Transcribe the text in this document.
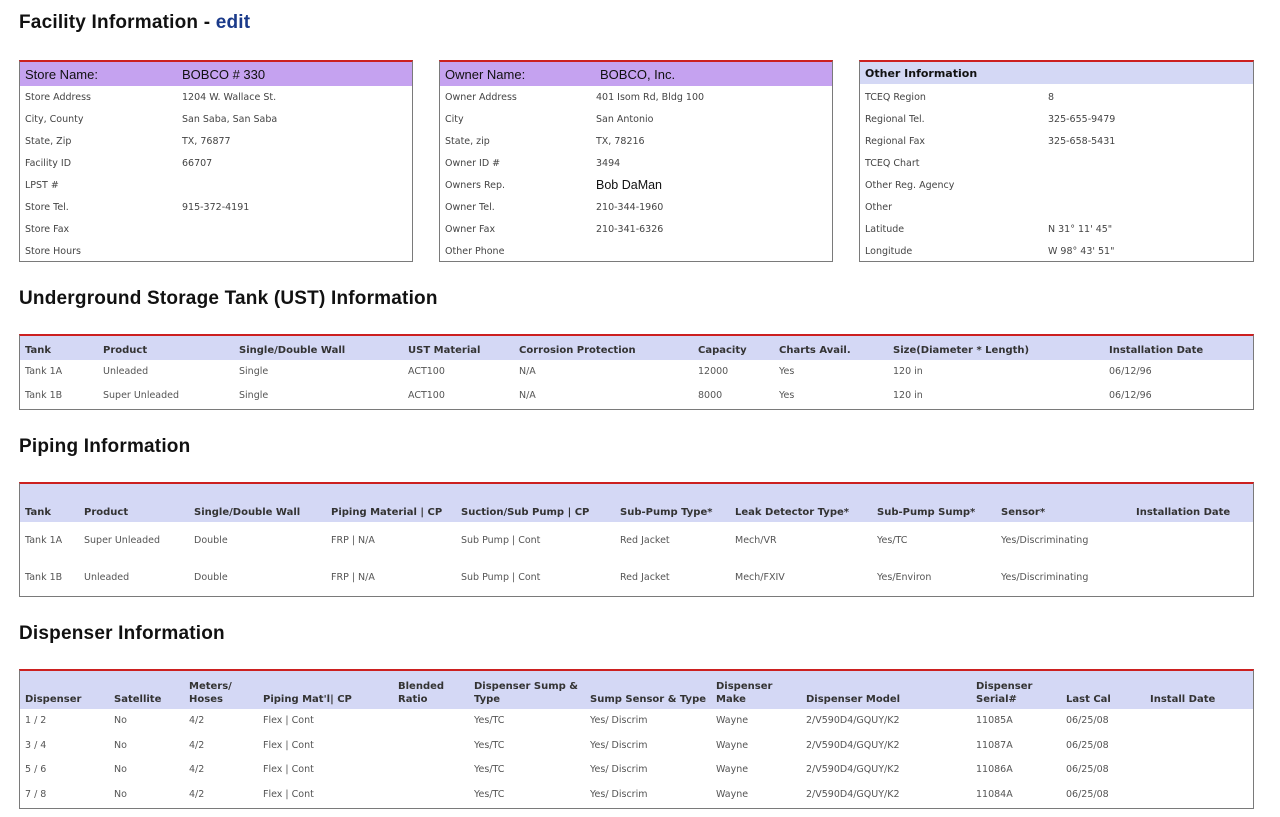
Facility Information - edit
Store Name:	BOBCO # 330
Store Address	1204 W. Wallace St.
City, County	San Saba, San Saba
State, Zip	TX, 76877
Facility ID	66707
LPST #
Store Tel.	915-372-4191
Store Fax
Store Hours
Owner Name:	BOBCO, Inc.
Owner Address	401 Isom Rd, Bldg 100
City	San Antonio
State, zip	TX, 78216
Owner ID #	3494
Owners Rep.	Bob DaMan
Owner Tel.	210-344-1960
Owner Fax	210-341-6326
Other Phone
Other Information
TCEQ Region	8
Regional Tel.	325-655-9479
Regional Fax	325-658-5431
TCEQ Chart
Other Reg. Agency
Other
Latitude	N 31° 11' 45"
Longitude	W 98° 43' 51"
Underground Storage Tank (UST) Information
Tank	Product	Single/Double Wall	UST Material	Corrosion Protection	Capacity	Charts Avail.	Size(Diameter * Length)	Installation Date
Tank 1A	Unleaded	Single	ACT100	N/A	12000	Yes	120 in	06/12/96
Tank 1B	Super Unleaded	Single	ACT100	N/A	8000	Yes	120 in	06/12/96
Piping Information
Tank	Product	Single/Double Wall	Piping Material | CP	Suction/Sub Pump | CP	Sub-Pump Type*	Leak Detector Type*	Sub-Pump Sump*	Sensor*	Installation Date
Tank 1A	Super Unleaded	Double	FRP | N/A	Sub Pump | Cont	Red Jacket	Mech/VR	Yes/TC	Yes/Discriminating	
Tank 1B	Unleaded	Double	FRP | N/A	Sub Pump | Cont	Red Jacket	Mech/FXIV	Yes/Environ	Yes/Discriminating	
Dispenser Information
Dispenser	Satellite	Meters/ Hoses	Piping Mat'l| CP	Blended Ratio	Dispenser Sump & Type	Sump Sensor & Type	Dispenser Make	Dispenser Model	Dispenser Serial#	Last Cal	Install Date
1 / 2	No	4/2	Flex | Cont		Yes/TC	Yes/ Discrim	Wayne	2/V590D4/GQUY/K2	11085A	06/25/08	
3 / 4	No	4/2	Flex | Cont		Yes/TC	Yes/ Discrim	Wayne	2/V590D4/GQUY/K2	11087A	06/25/08	
5 / 6	No	4/2	Flex | Cont		Yes/TC	Yes/ Discrim	Wayne	2/V590D4/GQUY/K2	11086A	06/25/08	
7 / 8	No	4/2	Flex | Cont		Yes/TC	Yes/ Discrim	Wayne	2/V590D4/GQUY/K2	11084A	06/25/08	
